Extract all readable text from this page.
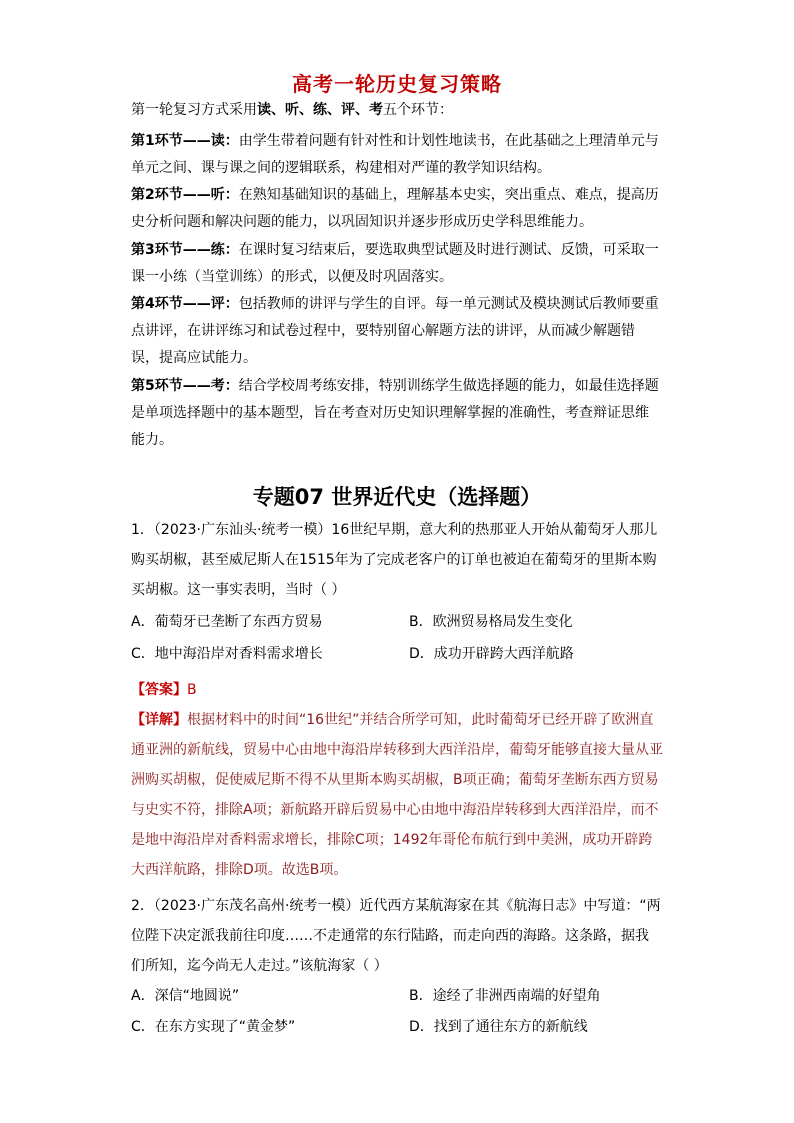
高考一轮历史复习策略
第一轮复习方式采用读、听、练、评、考五个环节：
第1环节——读：由学生带着问题有针对性和计划性地读书，在此基础之上理清单元与单元之间、课与课之间的逻辑联系，构建相对严谨的教学知识结构。
第2环节——听：在熟知基础知识的基础上，理解基本史实，突出重点、难点，提高历史分析问题和解决问题的能力，以巩固知识并逐步形成历史学科思维能力。
第3环节——练：在课时复习结束后，要选取典型试题及时进行测试、反馈，可采取一课一小练（当堂训练）的形式，以便及时巩固落实。
第4环节——评：包括教师的讲评与学生的自评。每一单元测试及模块测试后教师要重点讲评，在讲评练习和试卷过程中，要特别留心解题方法的讲评，从而减少解题错误，提高应试能力。
第5环节——考：结合学校周考练安排，特别训练学生做选择题的能力，如最佳选择题是单项选择题中的基本题型，旨在考查对历史知识理解掌握的准确性，考查辩证思维能力。
专题07 世界近代史（选择题）
1．（2023·广东汕头·统考一模）16世纪早期，意大利的热那亚人开始从葡萄牙人那儿购买胡椒，甚至威尼斯人在1515年为了完成老客户的订单也被迫在葡萄牙的里斯本购买胡椒。这一事实表明，当时（ ）
A．葡萄牙已垄断了东西方贸易	B．欧洲贸易格局发生变化
C．地中海沿岸对香料需求增长	D．成功开辟跨大西洋航路
【答案】B
【详解】根据材料中的时间“16世纪”并结合所学可知，此时葡萄牙已经开辟了欧洲直通亚洲的新航线，贸易中心由地中海沿岸转移到大西洋沿岸，葡萄牙能够直接大量从亚洲购买胡椒，促使威尼斯不得不从里斯本购买胡椒，B项正确；葡萄牙垄断东西方贸易与史实不符，排除A项；新航路开辟后贸易中心由地中海沿岸转移到大西洋沿岸，而不是地中海沿岸对香料需求增长，排除C项；1492年哥伦布航行到中美洲，成功开辟跨大西洋航路，排除D项。故选B项。
2．（2023·广东茂名高州·统考一模）近代西方某航海家在其《航海日志》中写道：“两位陛下决定派我前往印度……不走通常的东行陆路，而走向西的海路。这条路，据我们所知，迄今尚无人走过。”该航海家（ ）
A．深信“地圆说”	B．途经了非洲西南端的好望角
C．在东方实现了“黄金梦”	D．找到了通往东方的新航线
